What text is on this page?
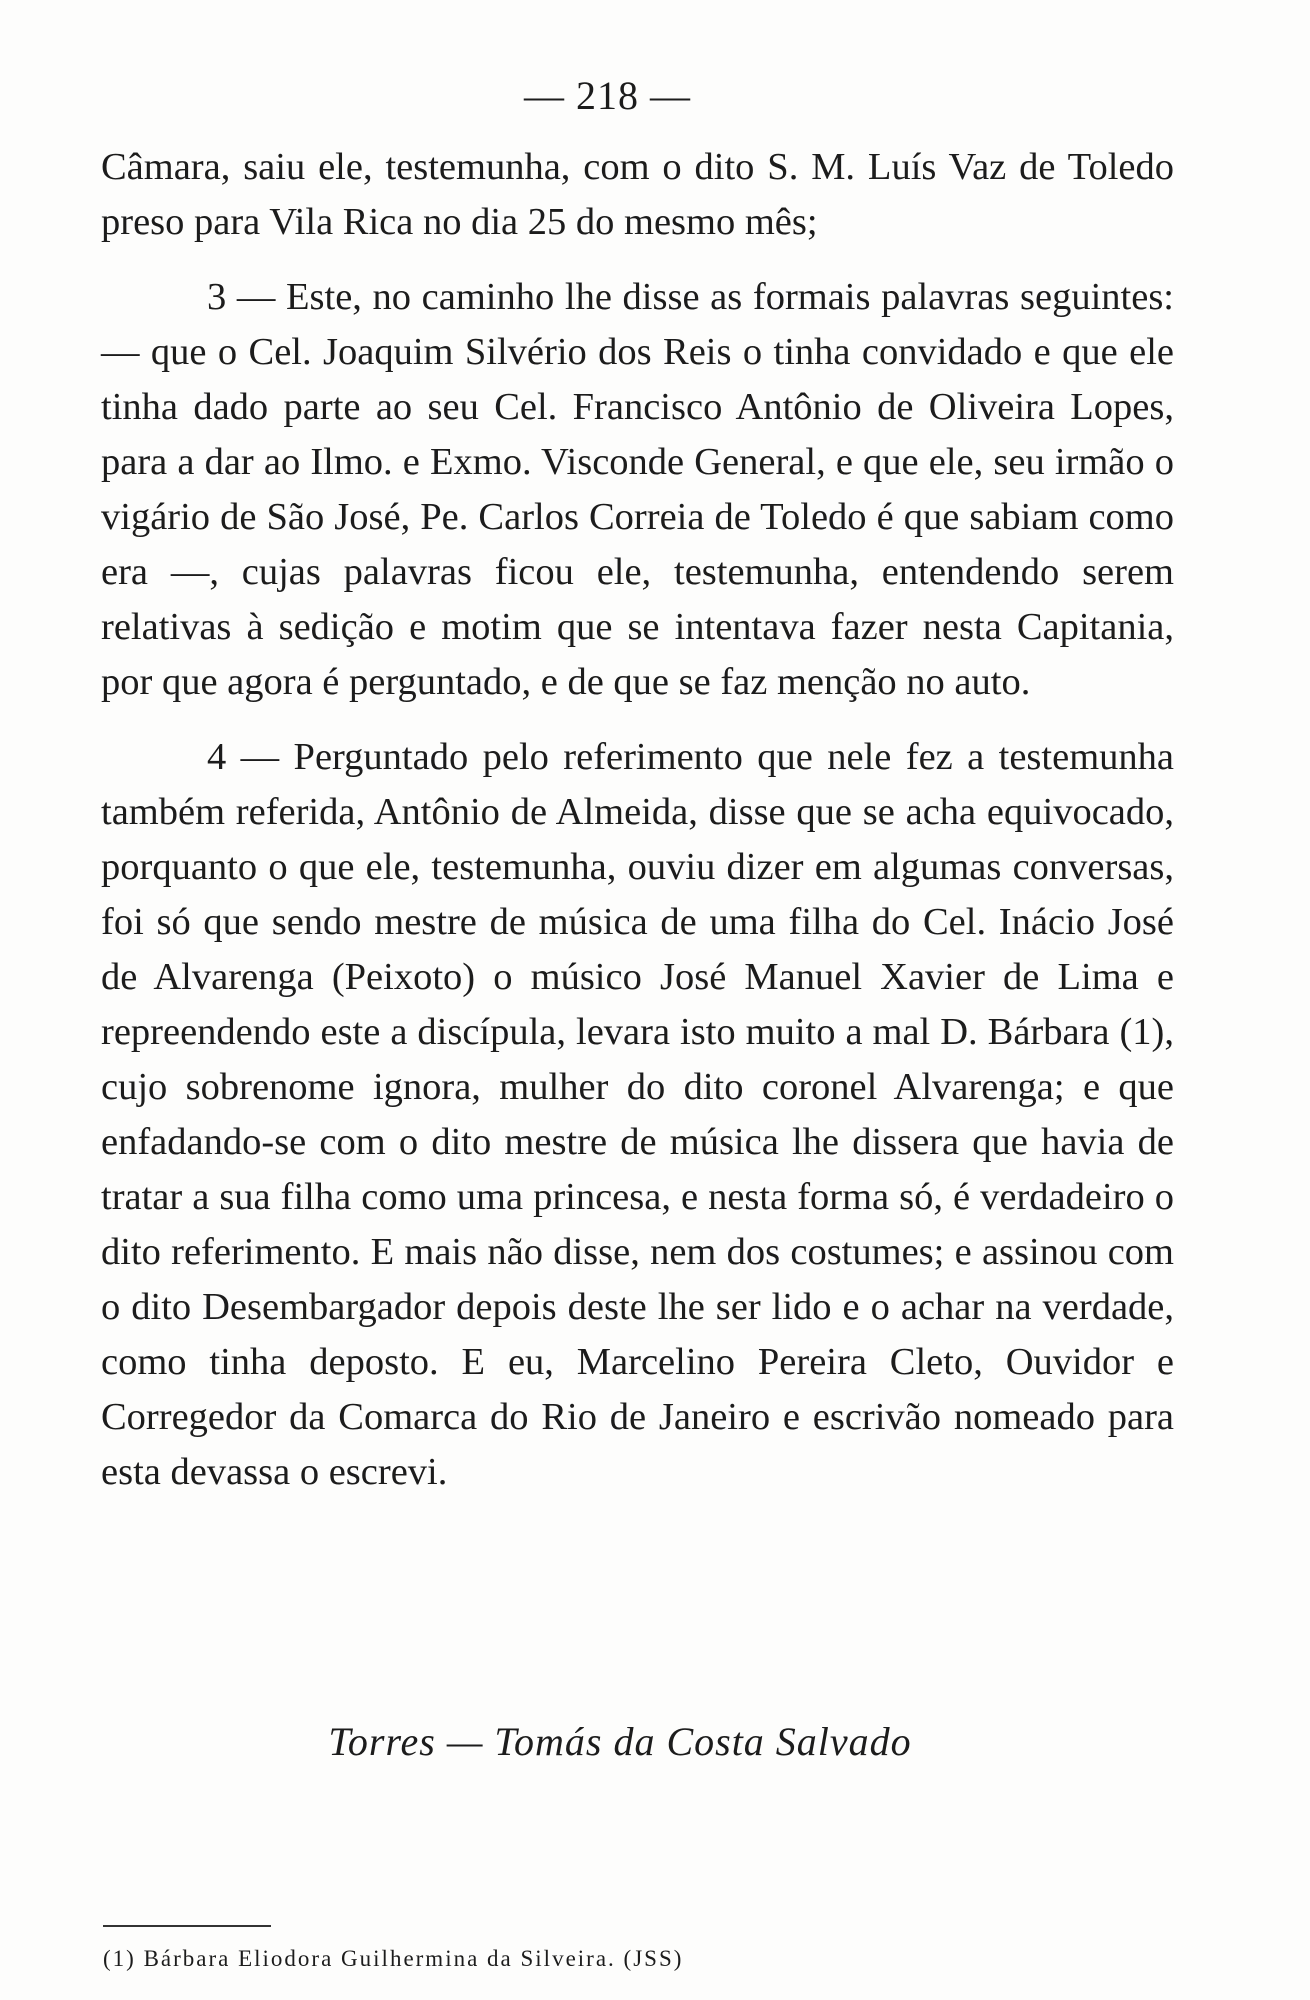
— 218 —

Câmara, saiu ele, testemunha, com o dito S. M. Luís Vaz de Toledo preso para Vila Rica no dia 25 do mesmo mês;

3 — Este, no caminho lhe disse as formais palavras seguintes: — que o Cel. Joaquim Silvério dos Reis o tinha convidado e que ele tinha dado parte ao seu Cel. Francisco Antônio de Oliveira Lopes, para a dar ao Ilmo. e Exmo. Visconde General, e que ele, seu irmão o vigário de São José, Pe. Carlos Correia de Toledo é que sabiam como era —, cujas palavras ficou ele, testemunha, entendendo serem relativas à sedição e motim que se intentava fazer nesta Capitania, por que agora é perguntado, e de que se faz menção no auto.

4 — Perguntado pelo referimento que nele fez a testemunha também referida, Antônio de Almeida, disse que se acha equivocado, porquanto o que ele, testemunha, ouviu dizer em algumas conversas, foi só que sendo mestre de música de uma filha do Cel. Inácio José de Alvarenga (Peixoto) o músico José Manuel Xavier de Lima e repreendendo este a discípula, levara isto muito a mal D. Bárbara (1), cujo sobrenome ignora, mulher do dito coronel Alvarenga; e que enfadando-se com o dito mestre de música lhe dissera que havia de tratar a sua filha como uma princesa, e nesta forma só, é verdadeiro o dito referimento. E mais não disse, nem dos costumes; e assinou com o dito Desembargador depois deste lhe ser lido e o achar na verdade, como tinha deposto. E eu, Marcelino Pereira Cleto, Ouvidor e Corregedor da Comarca do Rio de Janeiro e escrivão nomeado para esta devassa o escrevi.

Torres — Tomás da Costa Salvado
(1) Bárbara Eliodora Guilhermina da Silveira. (JSS)
